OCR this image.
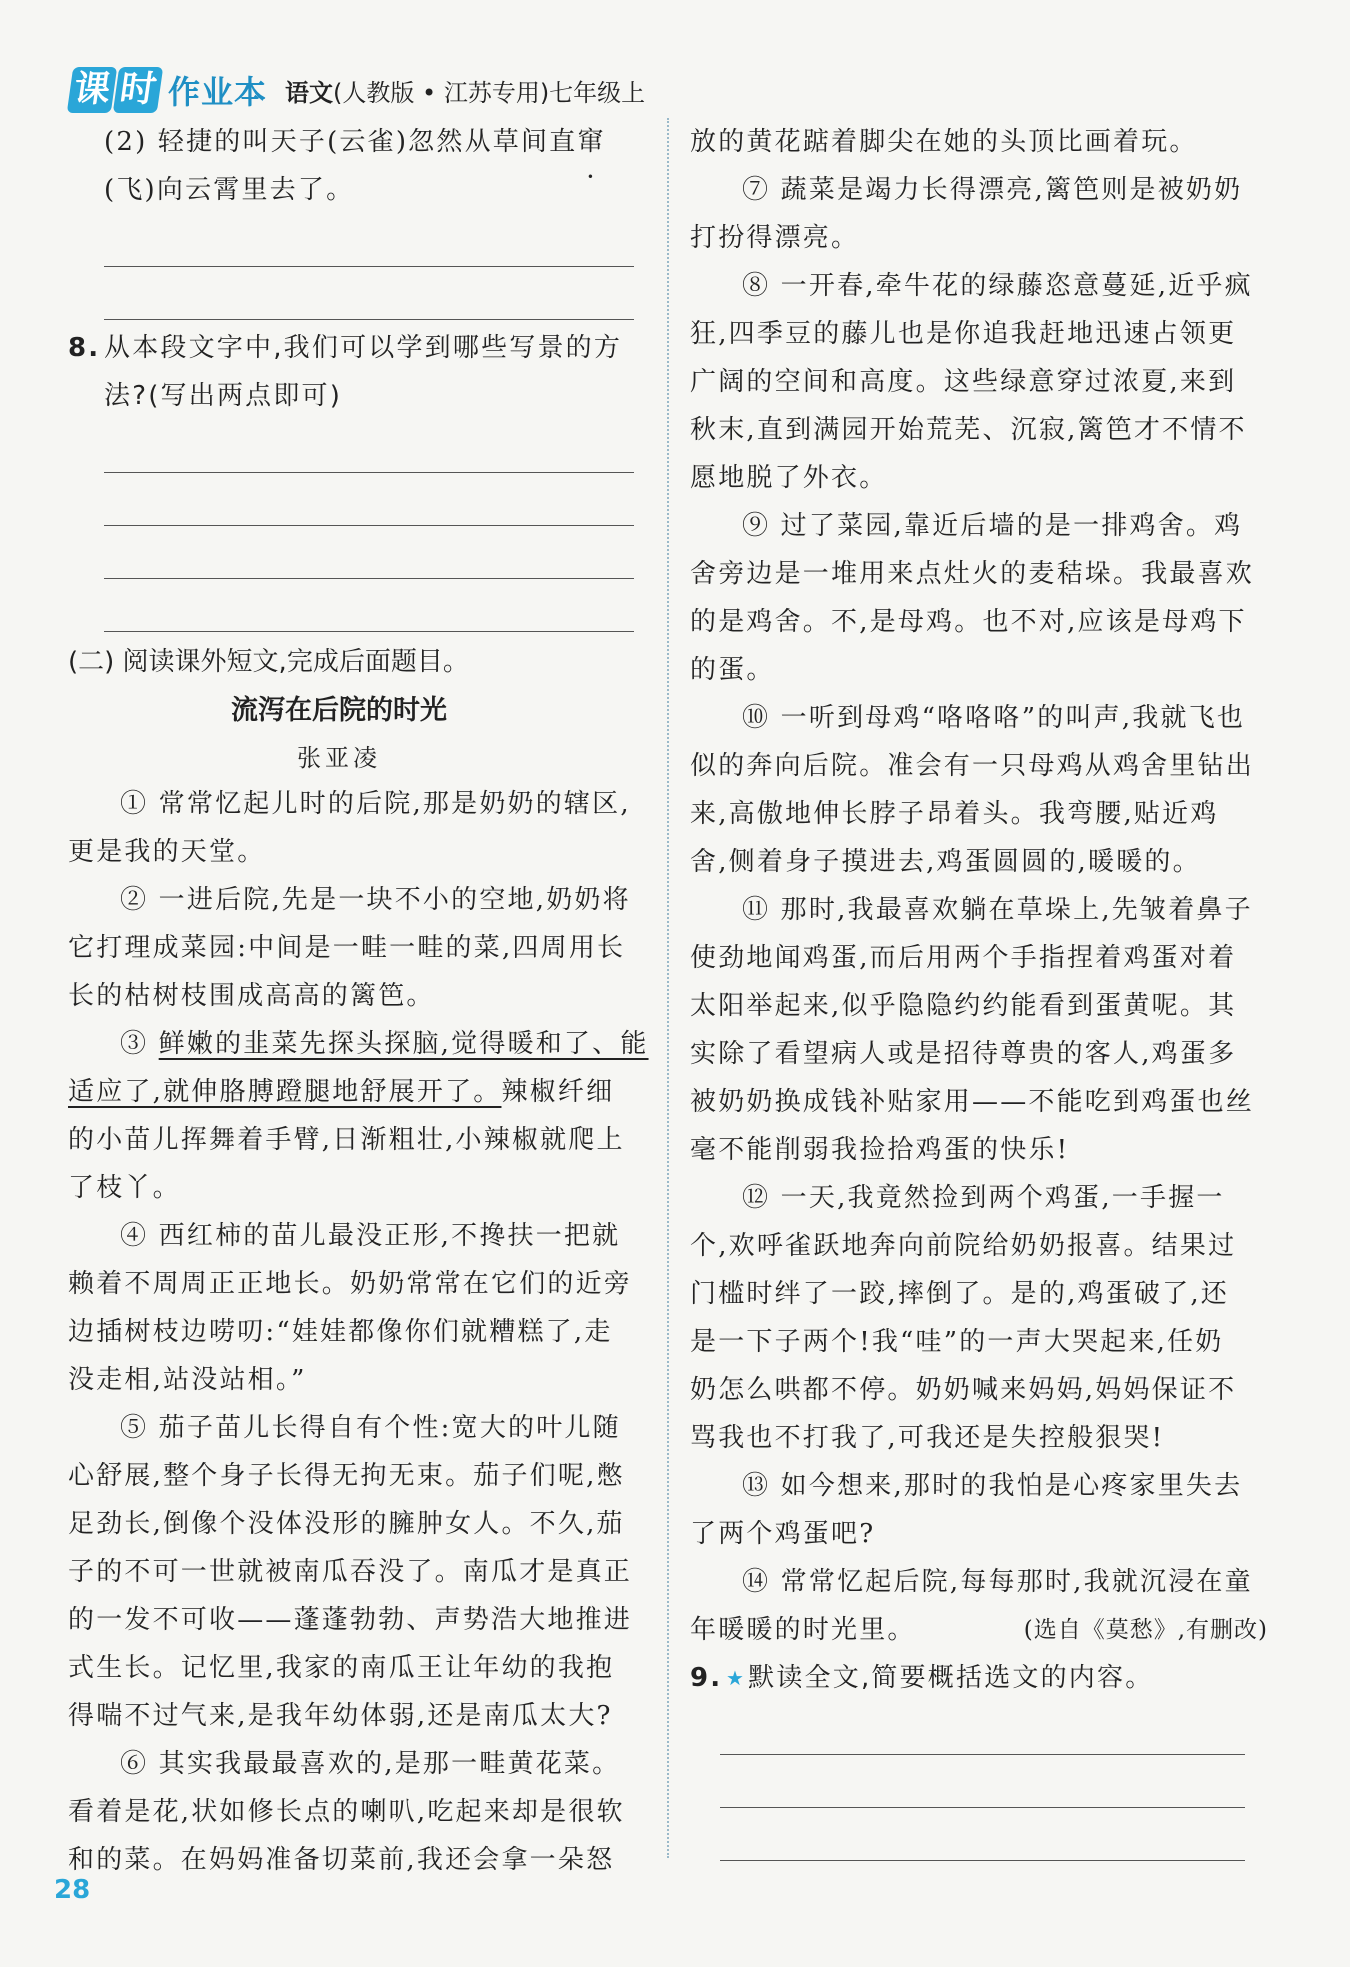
课 时 作业本 语文(人教版 • 江苏专用)七年级上
(2) 轻捷的叫天子(云雀)忽然从草间直窜
(飞)向云霄里去了。
8. 从本段文字中,我们可以学到哪些写景的方
法?(写出两点即可)
(二) 阅读课外短文,完成后面题目。
流泻在后院的时光
张亚凌
① 常常忆起儿时的后院,那是奶奶的辖区,
更是我的天堂。
② 一进后院,先是一块不小的空地,奶奶将
它打理成菜园:中间是一畦一畦的菜,四周用长
长的枯树枝围成高高的篱笆。
③ 鲜嫩的韭菜先探头探脑,觉得暖和了、能
适应了,就伸胳膊蹬腿地舒展开了。辣椒纤细
的小苗儿挥舞着手臂,日渐粗壮,小辣椒就爬上
了枝丫。
④ 西红柿的苗儿最没正形,不搀扶一把就
赖着不周周正正地长。奶奶常常在它们的近旁
边插树枝边唠叨:“娃娃都像你们就糟糕了,走
没走相,站没站相。”
⑤ 茄子苗儿长得自有个性:宽大的叶儿随
心舒展,整个身子长得无拘无束。茄子们呢,憋
足劲长,倒像个没体没形的臃肿女人。不久,茄
子的不可一世就被南瓜吞没了。南瓜才是真正
的一发不可收——蓬蓬勃勃、声势浩大地推进
式生长。记忆里,我家的南瓜王让年幼的我抱
得喘不过气来,是我年幼体弱,还是南瓜太大?
⑥ 其实我最最喜欢的,是那一畦黄花菜。
看着是花,状如修长点的喇叭,吃起来却是很软
和的菜。在妈妈准备切菜前,我还会拿一朵怒
放的黄花踮着脚尖在她的头顶比画着玩。
⑦ 蔬菜是竭力长得漂亮,篱笆则是被奶奶
打扮得漂亮。
⑧ 一开春,牵牛花的绿藤恣意蔓延,近乎疯
狂,四季豆的藤儿也是你追我赶地迅速占领更
广阔的空间和高度。这些绿意穿过浓夏,来到
秋末,直到满园开始荒芜、沉寂,篱笆才不情不
愿地脱了外衣。
⑨ 过了菜园,靠近后墙的是一排鸡舍。鸡
舍旁边是一堆用来点灶火的麦秸垛。我最喜欢
的是鸡舍。不,是母鸡。也不对,应该是母鸡下
的蛋。
⑩ 一听到母鸡“咯咯咯”的叫声,我就飞也
似的奔向后院。准会有一只母鸡从鸡舍里钻出
来,高傲地伸长脖子昂着头。我弯腰,贴近鸡
舍,侧着身子摸进去,鸡蛋圆圆的,暖暖的。
⑪ 那时,我最喜欢躺在草垛上,先皱着鼻子
使劲地闻鸡蛋,而后用两个手指捏着鸡蛋对着
太阳举起来,似乎隐隐约约能看到蛋黄呢。其
实除了看望病人或是招待尊贵的客人,鸡蛋多
被奶奶换成钱补贴家用——不能吃到鸡蛋也丝
毫不能削弱我捡拾鸡蛋的快乐!
⑫ 一天,我竟然捡到两个鸡蛋,一手握一
个,欢呼雀跃地奔向前院给奶奶报喜。结果过
门槛时绊了一跤,摔倒了。是的,鸡蛋破了,还
是一下子两个!我“哇”的一声大哭起来,任奶
奶怎么哄都不停。奶奶喊来妈妈,妈妈保证不
骂我也不打我了,可我还是失控般狠哭!
⑬ 如今想来,那时的我怕是心疼家里失去
了两个鸡蛋吧?
⑭ 常常忆起后院,每每那时,我就沉浸在童
年暖暖的时光里。	(选自《莫愁》,有删改)
9. ★默读全文,简要概括选文的内容。
28
